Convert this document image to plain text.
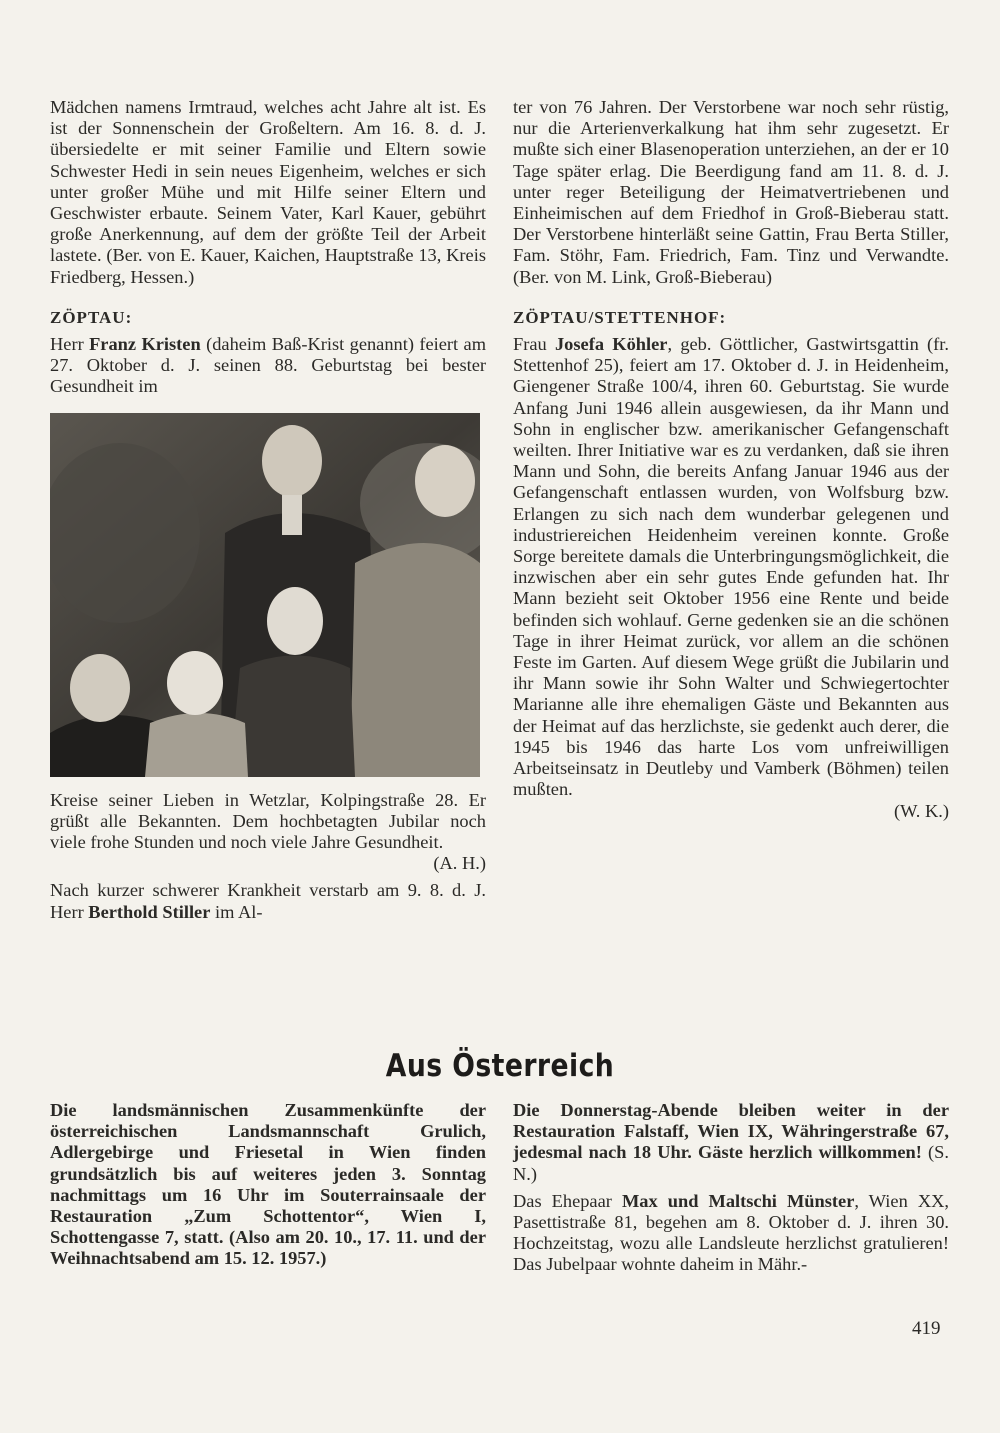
Mädchen namens Irmtraud, welches acht Jahre alt ist. Es ist der Sonnenschein der Großeltern. Am 16. 8. d. J. übersiedelte er mit seiner Familie und Eltern sowie Schwester Hedi in sein neues Eigenheim, welches er sich unter großer Mühe und mit Hilfe seiner Eltern und Geschwister erbaute. Seinem Vater, Karl Kauer, gebührt große Anerkennung, auf dem der größte Teil der Arbeit lastete. (Ber. von E. Kauer, Kaichen, Hauptstraße 13, Kreis Friedberg, Hessen.)

ZÖPTAU:

Herr Franz Kristen (daheim Baß-Krist genannt) feiert am 27. Oktober d. J. seinen 88. Geburtstag bei bester Gesundheit im

Kreise seiner Lieben in Wetzlar, Kolpingstraße 28. Er grüßt alle Bekannten. Dem hochbetagten Jubilar noch viele frohe Stunden und noch viele Jahre Gesundheit.

(A. H.)

Nach kurzer schwerer Krankheit verstarb am 9. 8. d. J. Herr Berthold Stiller im Al-

ter von 76 Jahren. Der Verstorbene war noch sehr rüstig, nur die Arterienverkalkung hat ihm sehr zugesetzt. Er mußte sich einer Blasenoperation unterziehen, an der er 10 Tage später erlag. Die Beerdigung fand am 11. 8. d. J. unter reger Beteiligung der Heimatvertriebenen und Einheimischen auf dem Friedhof in Groß-Bieberau statt. Der Verstorbene hinterläßt seine Gattin, Frau Berta Stiller, Fam. Stöhr, Fam. Friedrich, Fam. Tinz und Verwandte. (Ber. von M. Link, Groß-Bieberau)

ZÖPTAU/STETTENHOF:

Frau Josefa Köhler, geb. Göttlicher, Gastwirtsgattin (fr. Stettenhof 25), feiert am 17. Oktober d. J. in Heidenheim, Giengener Straße 100/4, ihren 60. Geburtstag. Sie wurde Anfang Juni 1946 allein ausgewiesen, da ihr Mann und Sohn in englischer bzw. amerikanischer Gefangenschaft weilten. Ihrer Initiative war es zu verdanken, daß sie ihren Mann und Sohn, die bereits Anfang Januar 1946 aus der Gefangenschaft entlassen wurden, von Wolfsburg bzw. Erlangen zu sich nach dem wunderbar gelegenen und industriereichen Heidenheim vereinen konnte. Große Sorge bereitete damals die Unterbringungsmöglichkeit, die inzwischen aber ein sehr gutes Ende gefunden hat. Ihr Mann bezieht seit Oktober 1956 eine Rente und beide befinden sich wohlauf. Gerne gedenken sie an die schönen Tage in ihrer Heimat zurück, vor allem an die schönen Feste im Garten. Auf diesem Wege grüßt die Jubilarin und ihr Mann sowie ihr Sohn Walter und Schwiegertochter Marianne alle ihre ehemaligen Gäste und Bekannten aus der Heimat auf das herzlichste, sie gedenkt auch derer, die 1945 bis 1946 das harte Los vom unfreiwilligen Arbeitseinsatz in Deutleby und Vamberk (Böhmen) teilen mußten.

(W. K.)

Aus Österreich

Die landsmännischen Zusammenkünfte der österreichischen Landsmannschaft Grulich, Adlergebirge und Friesetal in Wien finden grundsätzlich bis auf weiteres jeden 3. Sonntag nachmittags um 16 Uhr im Souterrainsaale der Restauration „Zum Schottentor“, Wien I, Schottengasse 7, statt. (Also am 20. 10., 17. 11. und der Weihnachtsabend am 15. 12. 1957.)

Die Donnerstag-Abende bleiben weiter in der Restauration Falstaff, Wien IX, Währingerstraße 67, jedesmal nach 18 Uhr. Gäste herzlich willkommen! (S. N.)

Das Ehepaar Max und Maltschi Münster, Wien XX, Pasettistraße 81, begehen am 8. Oktober d. J. ihren 30. Hochzeitstag, wozu alle Landsleute herzlichst gratulieren! Das Jubelpaar wohnte daheim in Mähr.-

419
